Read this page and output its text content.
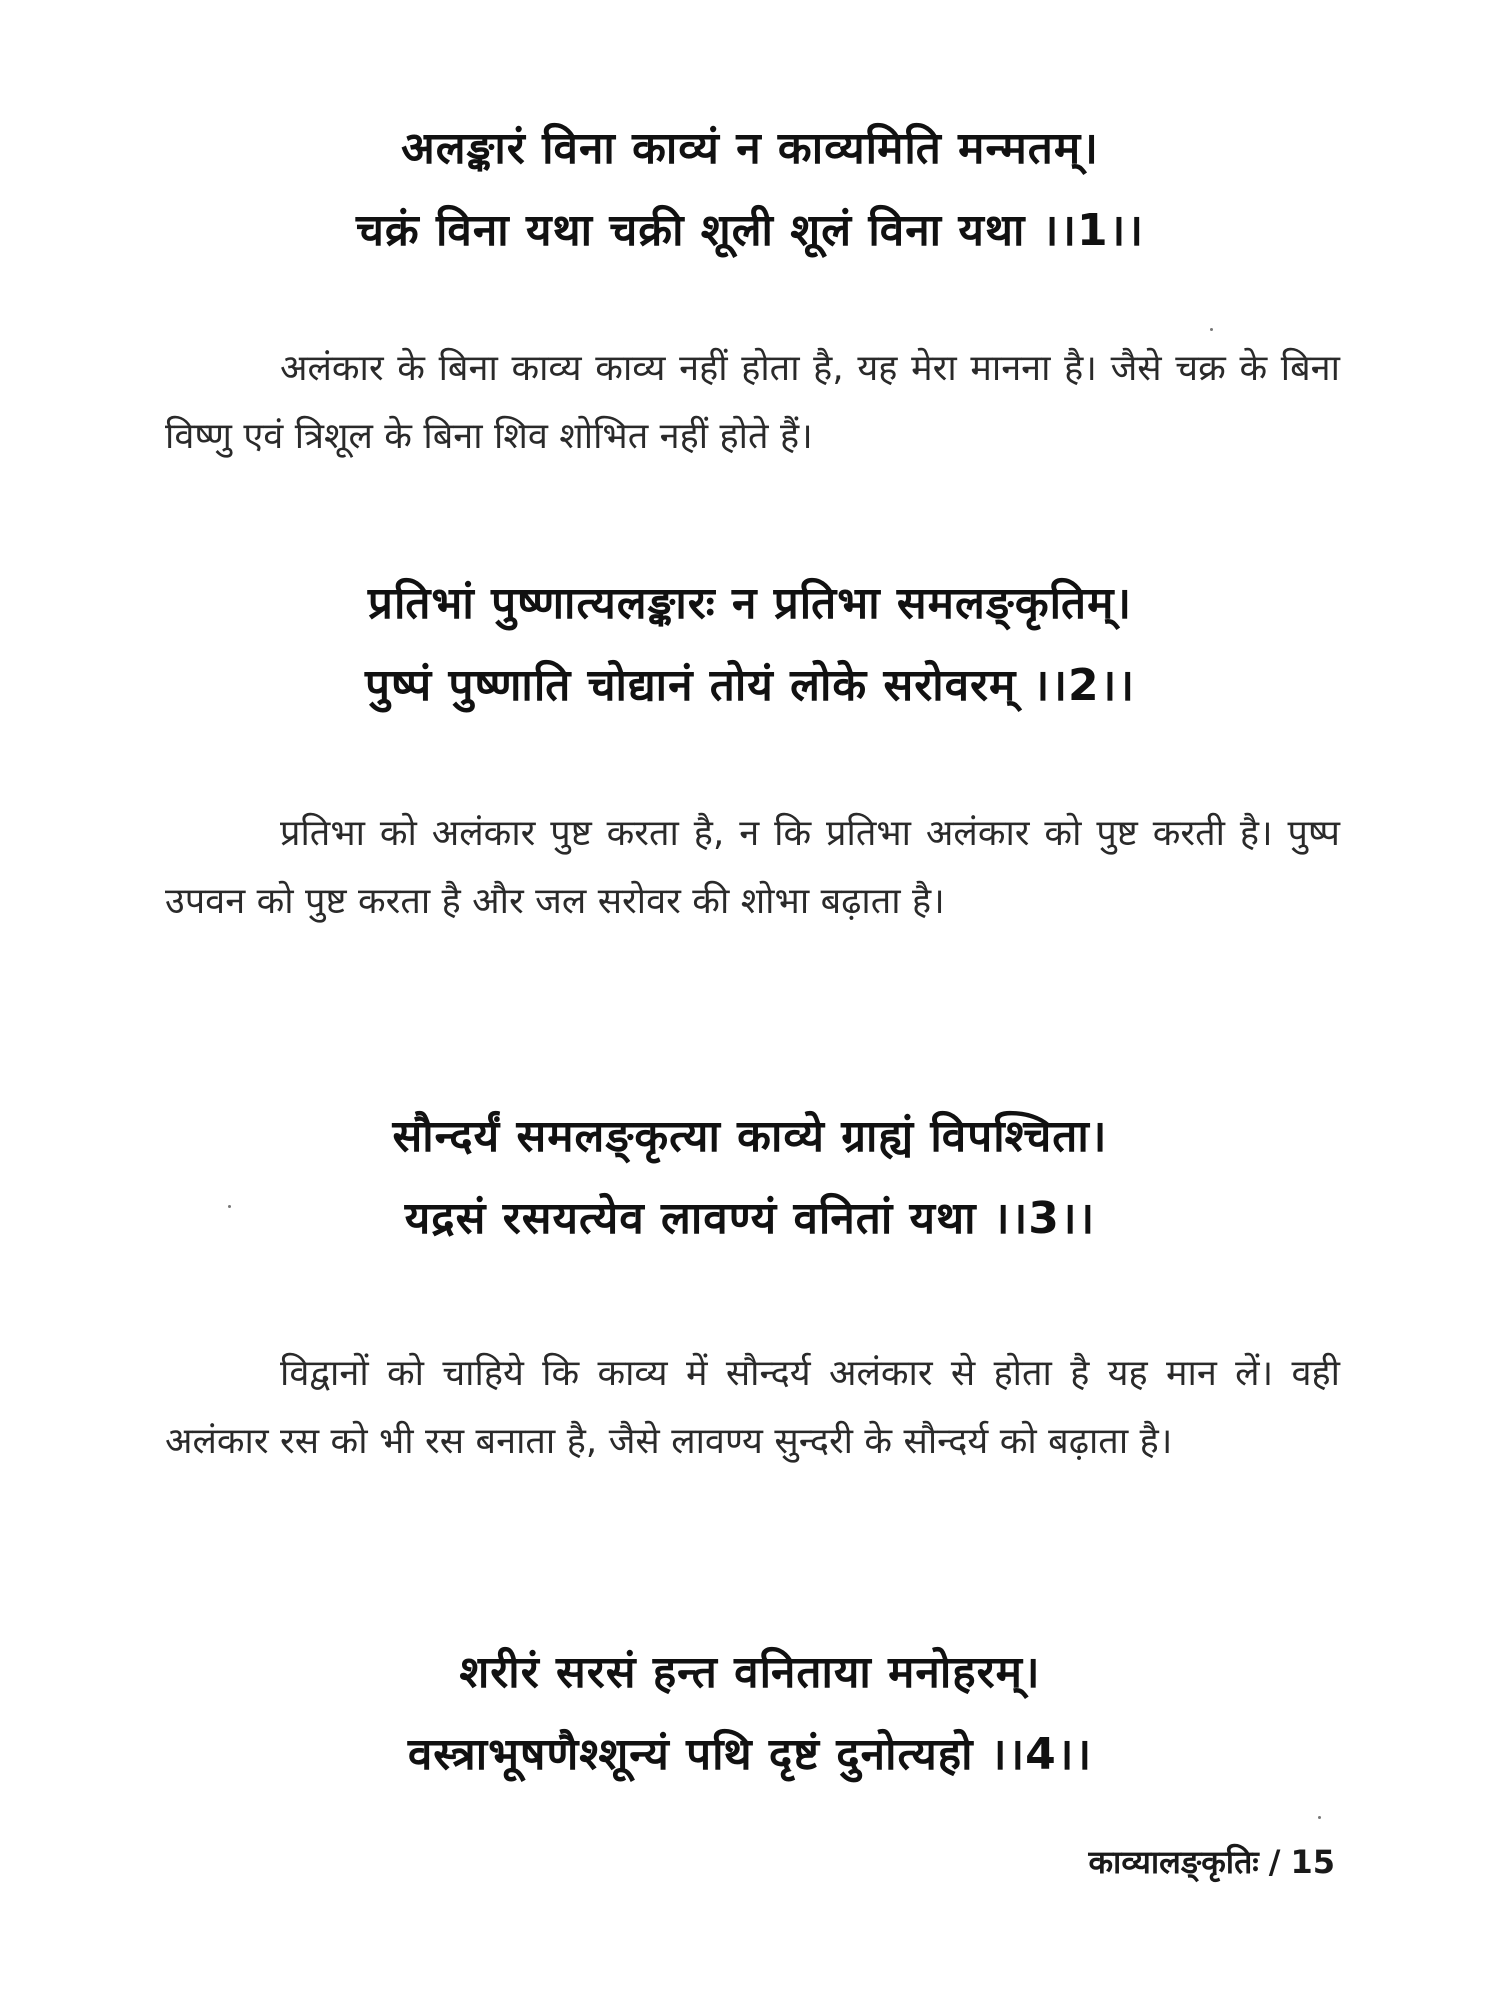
अलङ्कारं विना काव्यं न काव्यमिति मन्मतम्।
चक्रं विना यथा चक्री शूली शूलं विना यथा ।।1।।
अलंकार के बिना काव्य काव्य नहीं होता है, यह मेरा मानना है। जैसे चक्र के बिना विष्णु एवं त्रिशूल के बिना शिव शोभित नहीं होते हैं।
प्रतिभां पुष्णात्यलङ्कारः न प्रतिभा समलङ्कृतिम्।
पुष्पं पुष्णाति चोद्यानं तोयं लोके सरोवरम् ।।2।।
प्रतिभा को अलंकार पुष्ट करता है, न कि प्रतिभा अलंकार को पुष्ट करती है। पुष्प उपवन को पुष्ट करता है और जल सरोवर की शोभा बढ़ाता है।
सौन्दर्यं समलङ्कृत्या काव्ये ग्राह्यं विपश्चिता।
यद्रसं रसयत्येव लावण्यं वनितां यथा ।।3।।
विद्वानों को चाहिये कि काव्य में सौन्दर्य अलंकार से होता है यह मान लें। वही अलंकार रस को भी रस बनाता है, जैसे लावण्य सुन्दरी के सौन्दर्य को बढ़ाता है।
शरीरं सरसं हन्त वनिताया मनोहरम्।
वस्त्राभूषणैश्शून्यं पथि दृष्टं दुनोत्यहो ।।4।।
काव्यालङ्कृतिः / 15
